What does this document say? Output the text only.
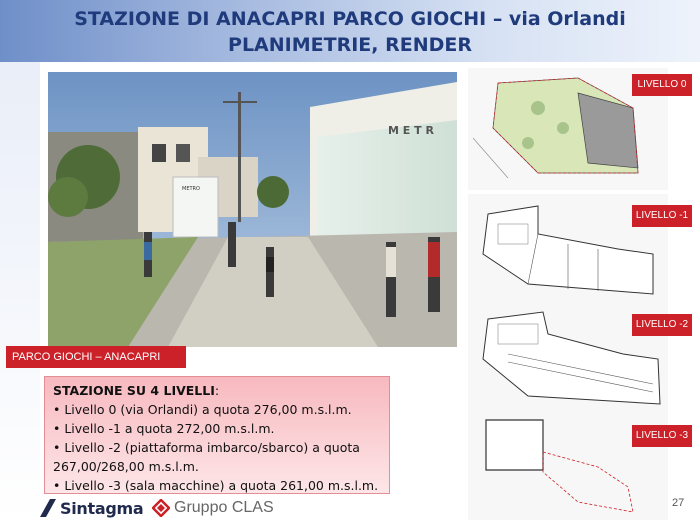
STAZIONE DI ANACAPRI PARCO GIOCHI – via Orlandi
PLANIMETRIE, RENDER
METRO
M E T R
PARCO GIOCHI – ANACAPRI
STAZIONE SU 4 LIVELLI:
• Livello 0 (via Orlandi) a quota 276,00 m.s.l.m.
• Livello -1 a quota 272,00 m.s.l.m.
• Livello -2 (piattaforma imbarco/sbarco) a quota 267,00/268,00 m.s.l.m.
• Livello -3 (sala macchine) a quota 261,00 m.s.l.m.
LIVELLO 0
LIVELLO -1
LIVELLO -2
LIVELLO -3
Sintagma Gruppo CLAS	27
